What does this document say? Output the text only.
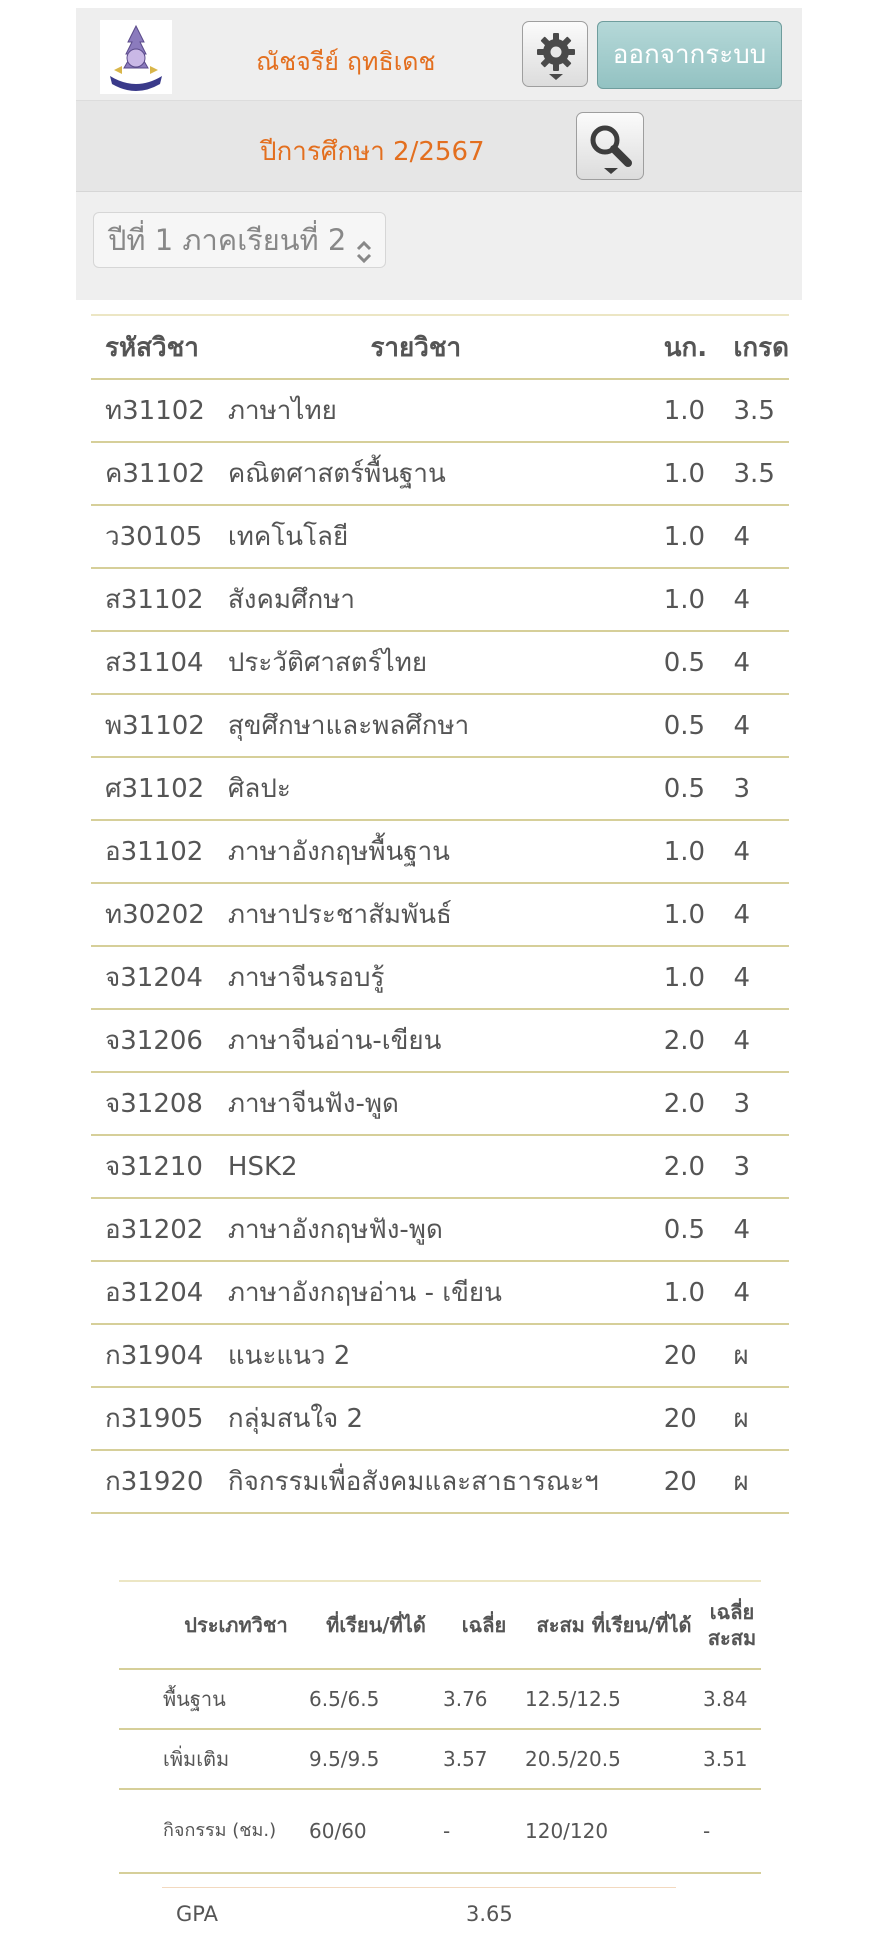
ณัชจรีย์ ฤทธิเดช	ออกจากระบบ
ปีการศึกษา 2/2567
ปีที่ 1 ภาคเรียนที่ 2
รหัสวิชา	รายวิชา	นก.	เกรด
ท31102	ภาษาไทย	1.0	3.5
ค31102	คณิตศาสตร์พื้นฐาน	1.0	3.5
ว30105	เทคโนโลยี	1.0	4
ส31102	สังคมศึกษา	1.0	4
ส31104	ประวัติศาสตร์ไทย	0.5	4
พ31102	สุขศึกษาและพลศึกษา	0.5	4
ศ31102	ศิลปะ	0.5	3
อ31102	ภาษาอังกฤษพื้นฐาน	1.0	4
ท30202	ภาษาประชาสัมพันธ์	1.0	4
จ31204	ภาษาจีนรอบรู้	1.0	4
จ31206	ภาษาจีนอ่าน-เขียน	2.0	4
จ31208	ภาษาจีนฟัง-พูด	2.0	3
จ31210	HSK2	2.0	3
อ31202	ภาษาอังกฤษฟัง-พูด	0.5	4
อ31204	ภาษาอังกฤษอ่าน - เขียน	1.0	4
ก31904	แนะแนว 2	20	ผ
ก31905	กลุ่มสนใจ 2	20	ผ
ก31920	กิจกรรมเพื่อสังคมและสาธารณะฯ	20	ผ
ประเภทวิชา	ที่เรียน/ที่ได้	เฉลี่ย	สะสม ที่เรียน/ที่ได้	เฉลี่ย สะสม
พื้นฐาน	6.5/6.5	3.76	12.5/12.5	3.84
เพิ่มเติม	9.5/9.5	3.57	20.5/20.5	3.51
กิจกรรม (ชม.)	60/60	-	120/120	-
GPA	3.65
